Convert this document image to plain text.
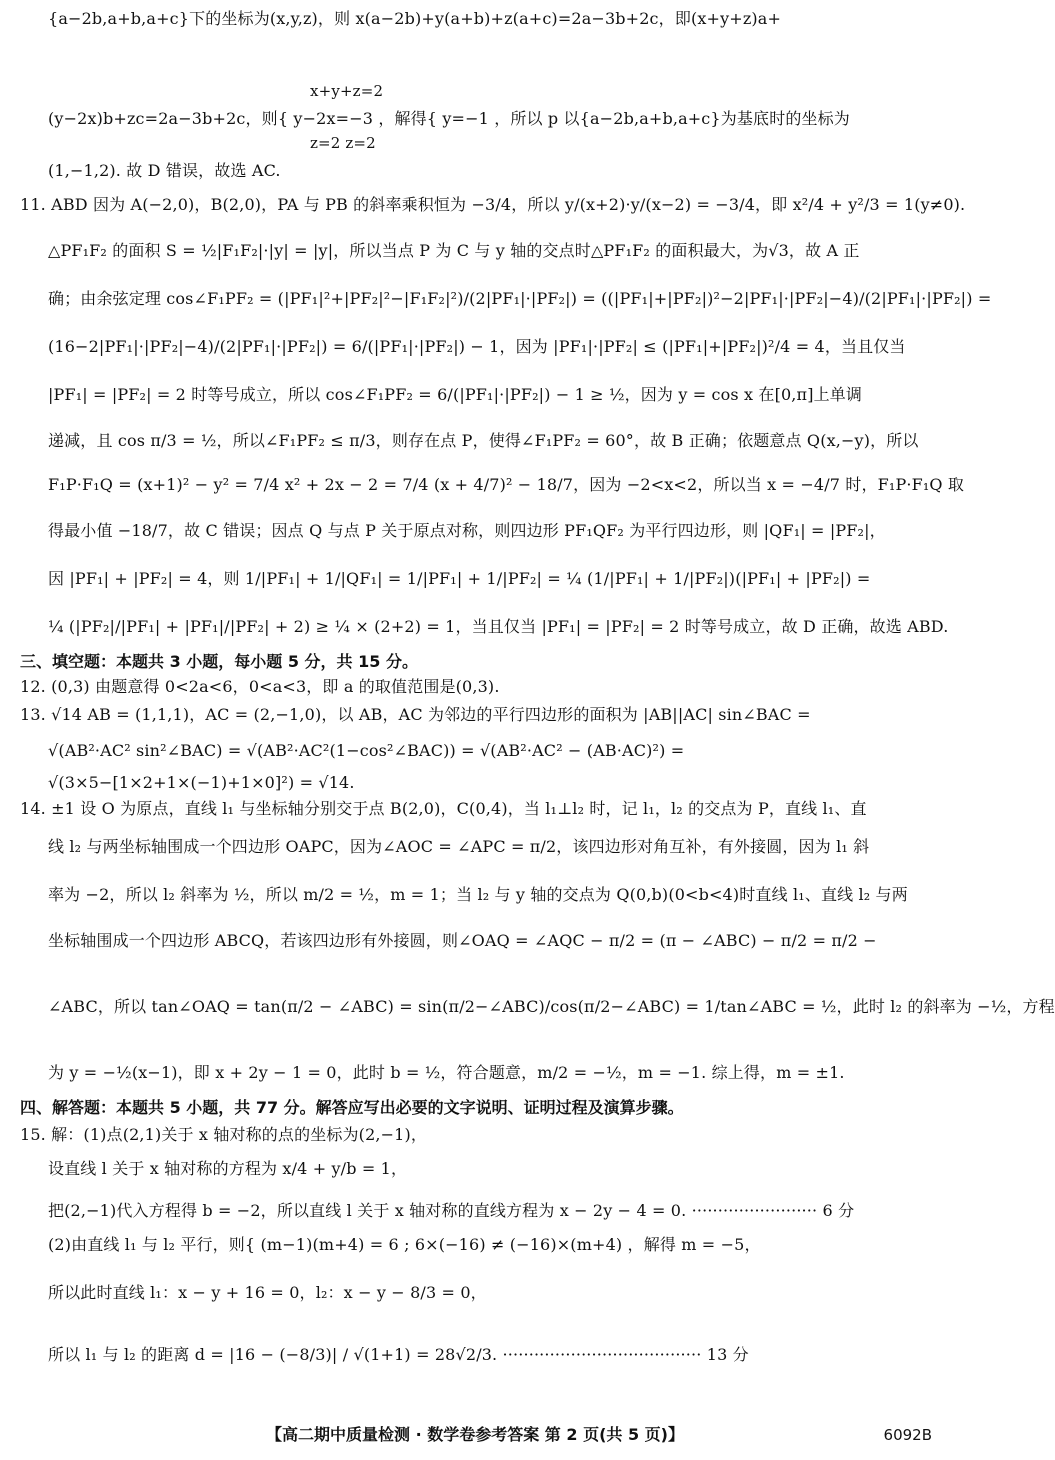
{a−2b,a+b,a+c}下的坐标为(x,y,z)，则 x(a−2b)+y(a+b)+z(a+c)=2a−3b+2c，即(x+y+z)a+
x+y+z=2
(y−2x)b+zc=2a−3b+2c，则{ y−2x=−3 ，解得{ y=−1 ，所以 p 以{a−2b,a+b,a+c}为基底时的坐标为
z=2 z=2
(1,−1,2). 故 D 错误，故选 AC.
11. ABD 因为 A(−2,0)，B(2,0)，PA 与 PB 的斜率乘积恒为 −3/4，所以 y/(x+2)·y/(x−2) = −3/4，即 x²/4 + y²/3 = 1(y≠0).
△PF₁F₂ 的面积 S = ½|F₁F₂|·|y| = |y|，所以当点 P 为 C 与 y 轴的交点时△PF₁F₂ 的面积最大，为√3，故 A 正
确；由余弦定理 cos∠F₁PF₂ = (|PF₁|²+|PF₂|²−|F₁F₂|²)/(2|PF₁|·|PF₂|) = ((|PF₁|+|PF₂|)²−2|PF₁|·|PF₂|−4)/(2|PF₁|·|PF₂|) =
(16−2|PF₁|·|PF₂|−4)/(2|PF₁|·|PF₂|) = 6/(|PF₁|·|PF₂|) − 1，因为 |PF₁|·|PF₂| ≤ (|PF₁|+|PF₂|)²/4 = 4，当且仅当
|PF₁| = |PF₂| = 2 时等号成立，所以 cos∠F₁PF₂ = 6/(|PF₁|·|PF₂|) − 1 ≥ ½，因为 y = cos x 在[0,π]上单调
递减，且 cos π/3 = ½，所以∠F₁PF₂ ≤ π/3，则存在点 P，使得∠F₁PF₂ = 60°，故 B 正确；依题意点 Q(x,−y)，所以
F₁P·F₁Q = (x+1)² − y² = 7/4 x² + 2x − 2 = 7/4 (x + 4/7)² − 18/7，因为 −2<x<2，所以当 x = −4/7 时，F₁P·F₁Q 取
得最小值 −18/7，故 C 错误；因点 Q 与点 P 关于原点对称，则四边形 PF₁QF₂ 为平行四边形，则 |QF₁| = |PF₂|，
因 |PF₁| + |PF₂| = 4，则 1/|PF₁| + 1/|QF₁| = 1/|PF₁| + 1/|PF₂| = ¼ (1/|PF₁| + 1/|PF₂|)(|PF₁| + |PF₂|) =
¼ (|PF₂|/|PF₁| + |PF₁|/|PF₂| + 2) ≥ ¼ × (2+2) = 1，当且仅当 |PF₁| = |PF₂| = 2 时等号成立，故 D 正确，故选 ABD.
三、填空题：本题共 3 小题，每小题 5 分，共 15 分。
12. (0,3) 由题意得 0<2a<6，0<a<3，即 a 的取值范围是(0,3).
13. √14 AB = (1,1,1)，AC = (2,−1,0)，以 AB，AC 为邻边的平行四边形的面积为 |AB||AC| sin∠BAC =
√(AB²·AC² sin²∠BAC) = √(AB²·AC²(1−cos²∠BAC)) = √(AB²·AC² − (AB·AC)²) =
√(3×5−[1×2+1×(−1)+1×0]²) = √14.
14. ±1 设 O 为原点，直线 l₁ 与坐标轴分别交于点 B(2,0)，C(0,4)，当 l₁⊥l₂ 时，记 l₁，l₂ 的交点为 P，直线 l₁、直
线 l₂ 与两坐标轴围成一个四边形 OAPC，因为∠AOC = ∠APC = π/2，该四边形对角互补，有外接圆，因为 l₁ 斜
率为 −2，所以 l₂ 斜率为 ½，所以 m/2 = ½，m = 1；当 l₂ 与 y 轴的交点为 Q(0,b)(0<b<4)时直线 l₁、直线 l₂ 与两
坐标轴围成一个四边形 ABCQ，若该四边形有外接圆，则∠OAQ = ∠AQC − π/2 = (π − ∠ABC) − π/2 = π/2 −
∠ABC，所以 tan∠OAQ = tan(π/2 − ∠ABC) = sin(π/2−∠ABC)/cos(π/2−∠ABC) = 1/tan∠ABC = ½，此时 l₂ 的斜率为 −½，方程
为 y = −½(x−1)，即 x + 2y − 1 = 0，此时 b = ½，符合题意，m/2 = −½，m = −1. 综上得，m = ±1.
四、解答题：本题共 5 小题，共 77 分。解答应写出必要的文字说明、证明过程及演算步骤。
15. 解：(1)点(2,1)关于 x 轴对称的点的坐标为(2,−1)，
设直线 l 关于 x 轴对称的方程为 x/4 + y/b = 1，
把(2,−1)代入方程得 b = −2，所以直线 l 关于 x 轴对称的直线方程为 x − 2y − 4 = 0. ························ 6 分
(2)由直线 l₁ 与 l₂ 平行，则{ (m−1)(m+4) = 6 ; 6×(−16) ≠ (−16)×(m+4) ，解得 m = −5，
所以此时直线 l₁：x − y + 16 = 0，l₂：x − y − 8/3 = 0，
所以 l₁ 与 l₂ 的距离 d = |16 − (−8/3)| / √(1+1) = 28√2/3. ······································ 13 分
【高二期中质量检测 · 数学卷参考答案 第 2 页(共 5 页)】	6092B
